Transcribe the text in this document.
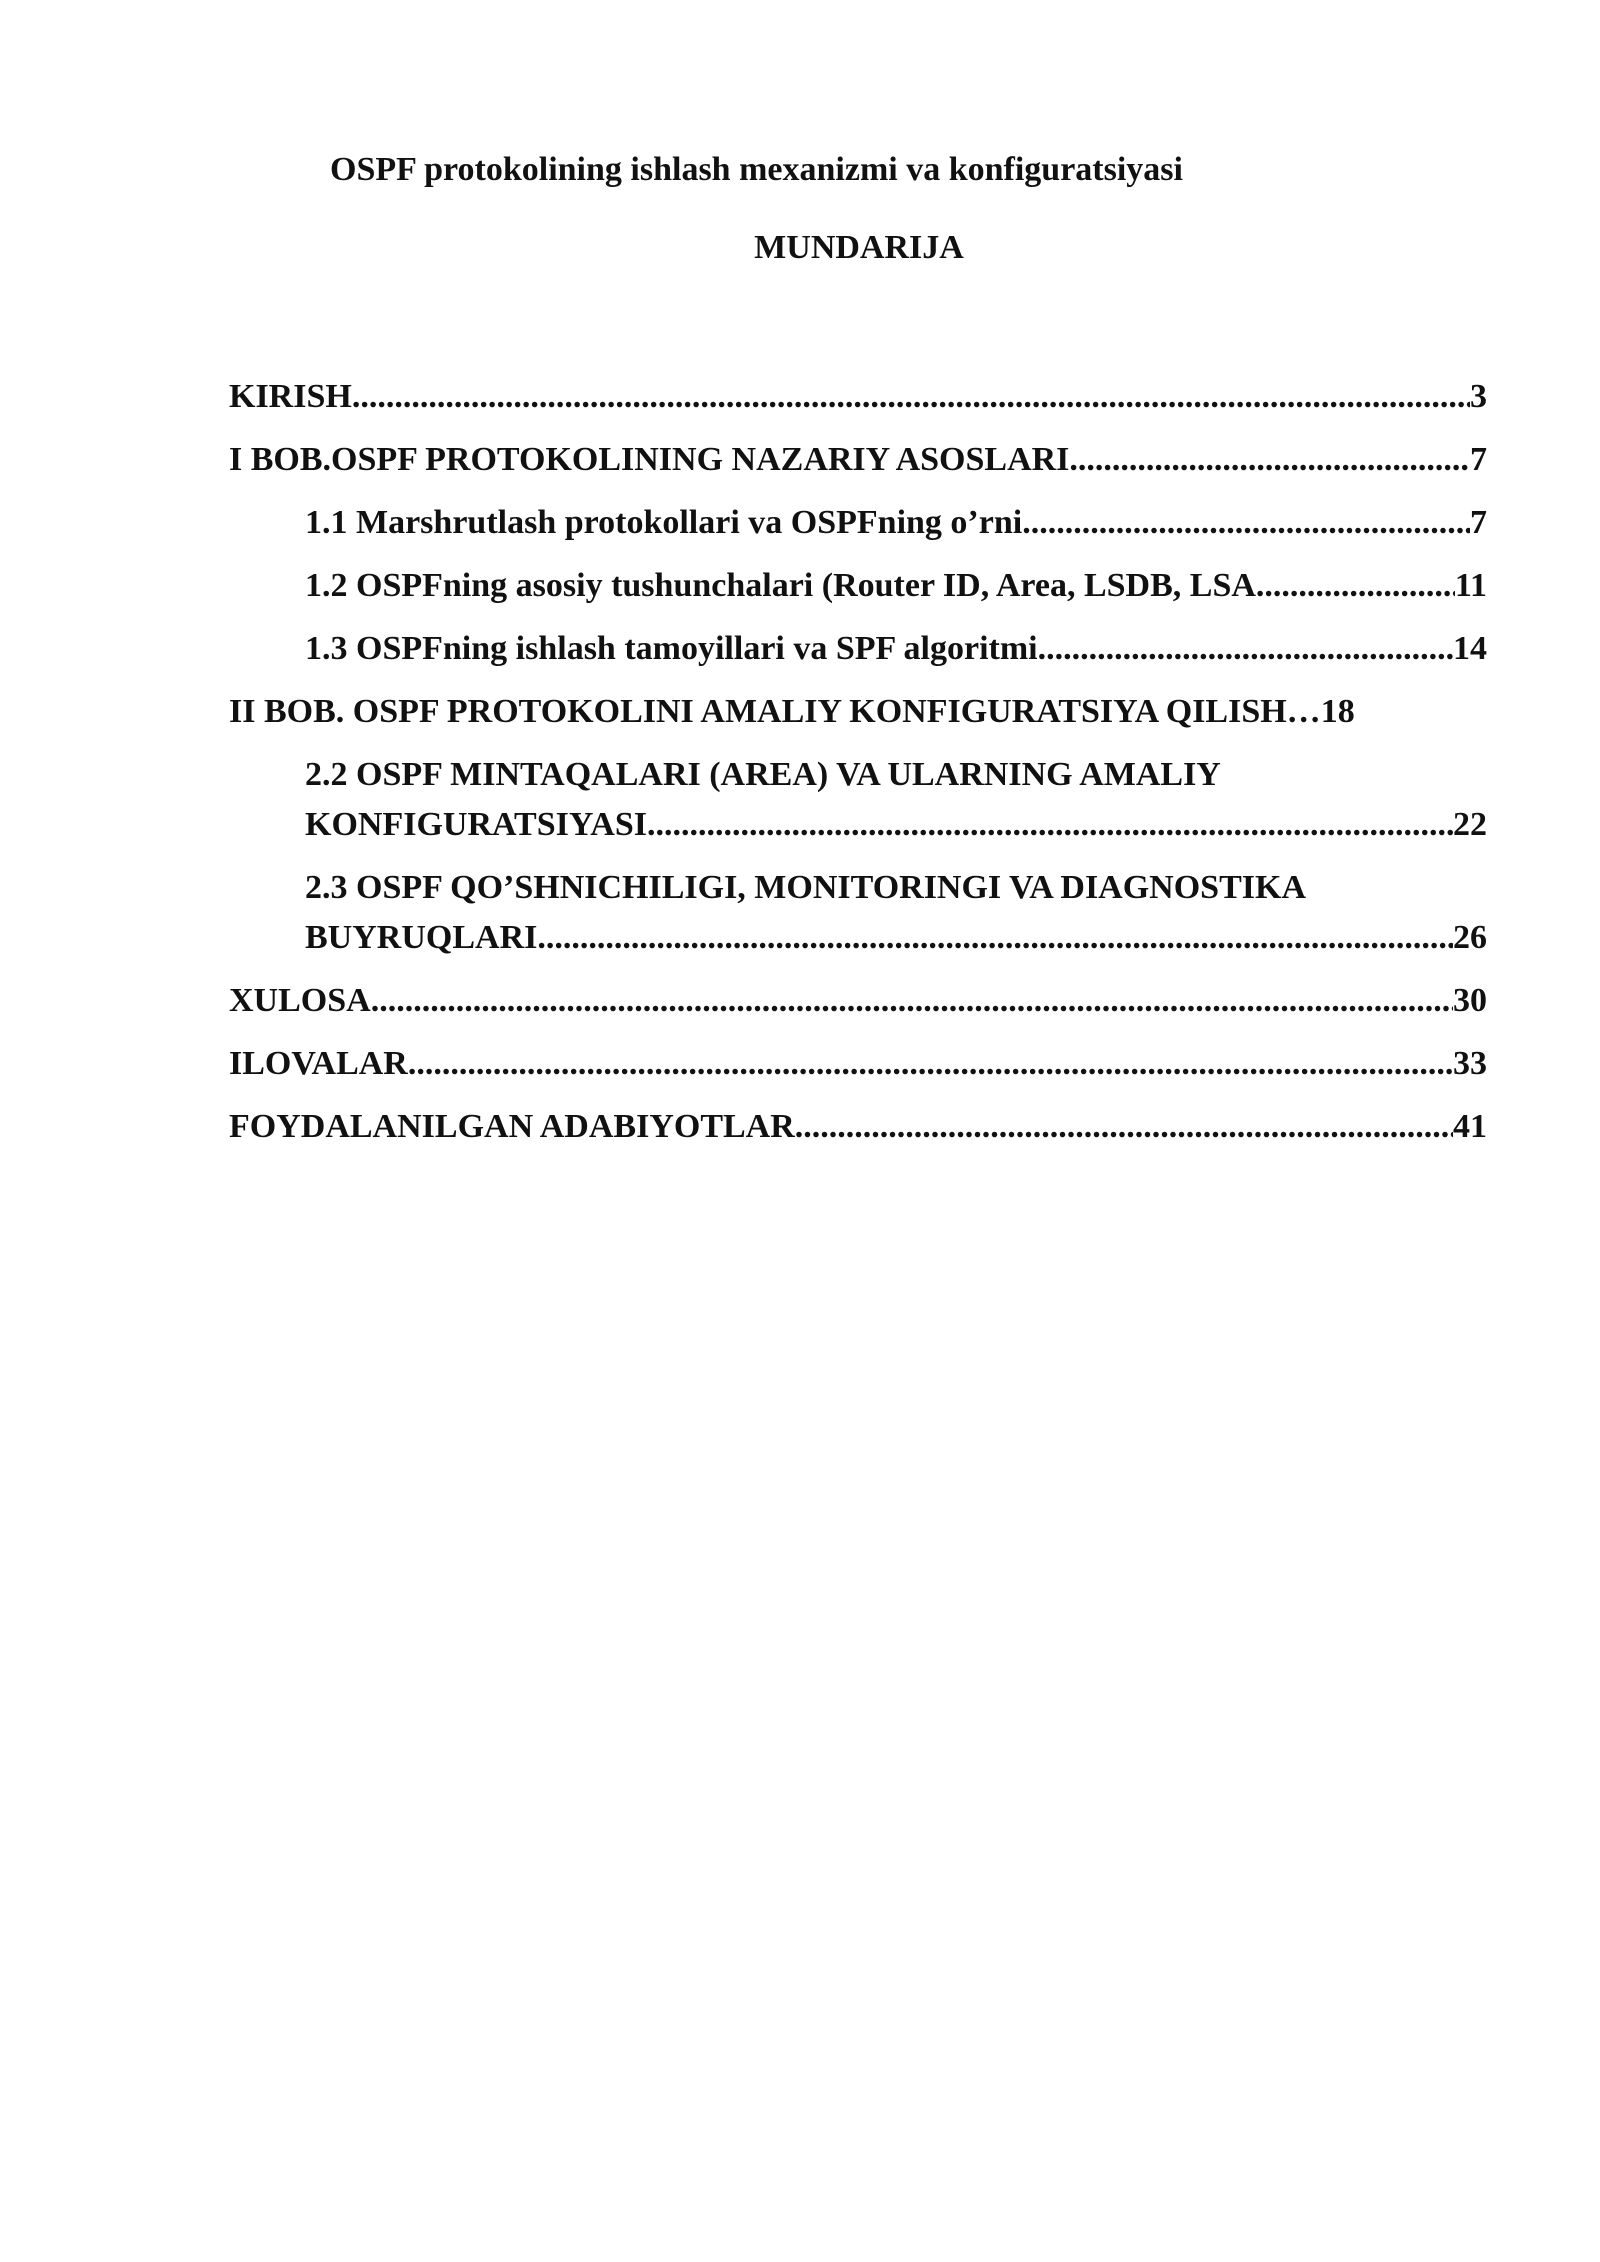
OSPF protokolining ishlash mexanizmi va konfiguratsiyasi
MUNDARIJA
KIRISH .....	3
I BOB.OSPF PROTOKOLINING NAZARIY ASOSLARI .....	7
1.1 Marshrutlash protokollari va OSPFning o’rni .....	7
1.2 OSPFning asosiy tushunchalari (Router ID, Area, LSDB, LSA .....	11
1.3 OSPFning ishlash tamoyillari va SPF algoritmi .....	14
II BOB. OSPF PROTOKOLINI AMALIY KONFIGURATSIYA QILISH… 18
2.2 OSPF MINTAQALARI (AREA) VA ULARNING AMALIY
KONFIGURATSIYASI .....	22
2.3 OSPF QO’SHNICHILIGI, MONITORINGI VA DIAGNOSTIKA
BUYRUQLARI .....	26
XULOSA .....	30
ILOVALAR .....	33
FOYDALANILGAN ADABIYOTLAR .....	41
